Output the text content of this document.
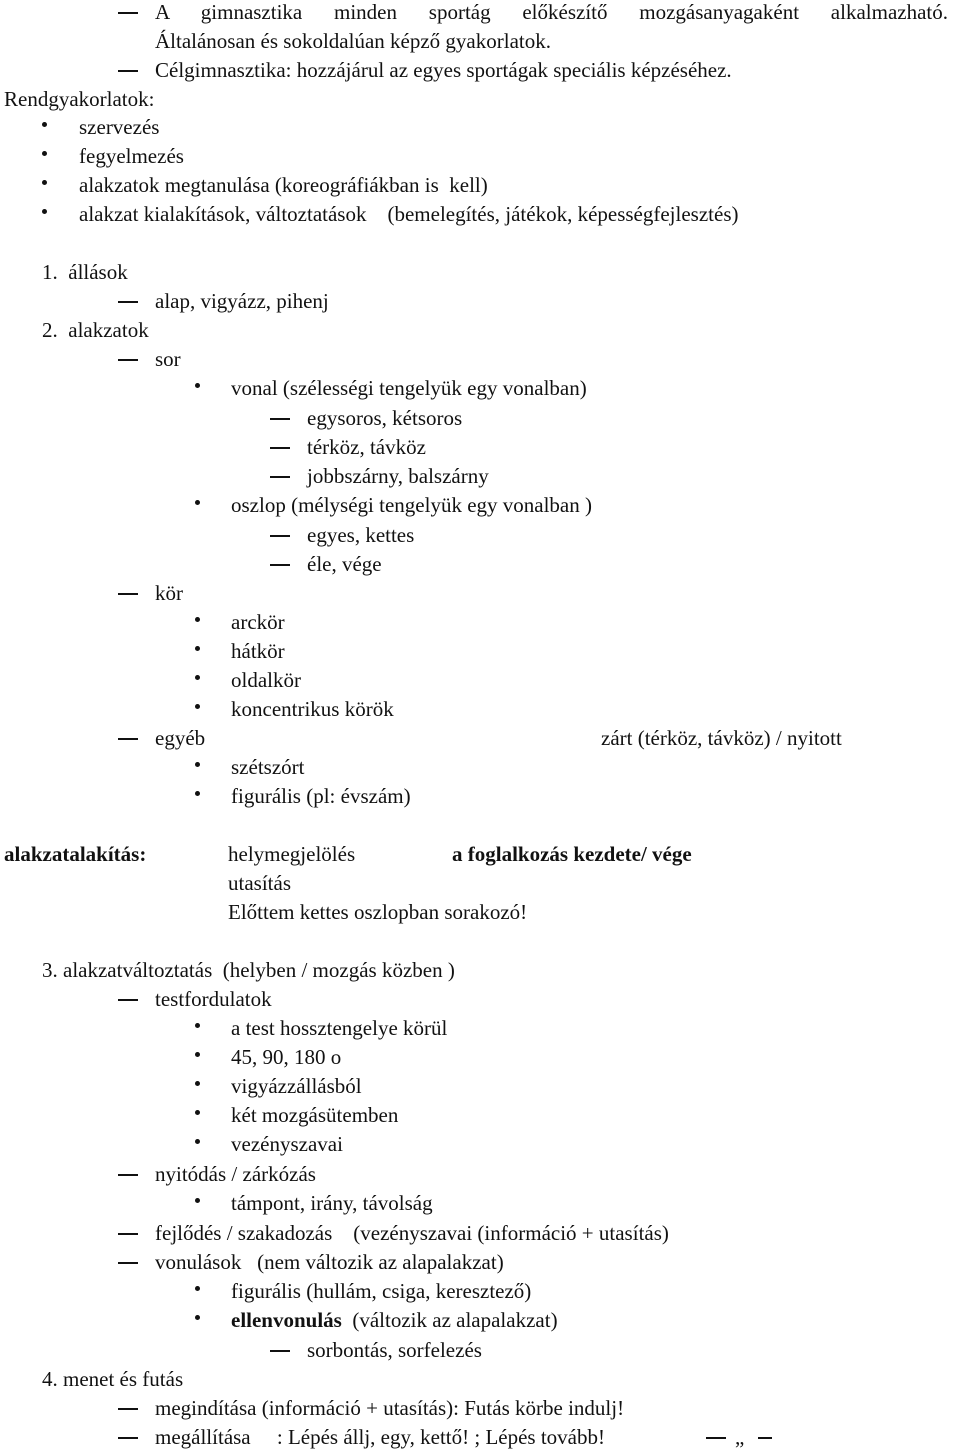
A gimnasztika minden sportág előkészítő mozgásanyagaként alkalmazható.
Általánosan és sokoldalúan képző gyakorlatok.
Célgimnasztika: hozzájárul az egyes sportágak speciális képzéséhez.
Rendgyakorlatok:
szervezés
fegyelmezés
alakzatok megtanulása (koreográfiákban is  kell)
alakzat kialakítások, változtatások    (bemelegítés, játékok, képességfejlesztés)
1.  állások
alap, vigyázz, pihenj
2.  alakzatok
sor
vonal (szélességi tengelyük egy vonalban)
egysoros, kétsoros
térköz, távköz
jobbszárny, balszárny
oszlop (mélységi tengelyük egy vonalban )
egyes, kettes
éle, vége
kör
arckör
hátkör
oldalkör
koncentrikus körök
egyéb	zárt (térköz, távköz) / nyitott
szétszórt
figurális (pl: évszám)
alakzatalakítás:	helymegjelölés	a foglalkozás kezdete/ vége
utasítás
Előttem kettes oszlopban sorakozó!
3. alakzatváltoztatás  (helyben / mozgás közben )
testfordulatok
a test hossztengelye körül
45, 90, 180 o
vigyázzállásból
két mozgásütemben
vezényszavai
nyitódás / zárkózás
támpont, irány, távolság
fejlődés / szakadozás    (vezényszavai (információ + utasítás)
vonulások   (nem változik az alapalakzat)
figurális (hullám, csiga, keresztező)
ellenvonulás  (változik az alapalakzat)
sorbontás, sorfelezés
4. menet és futás
megindítása (információ + utasítás): Futás körbe indulj!
megállítása     : Lépés állj, egy, kettő! ; Lépés tovább!	„
